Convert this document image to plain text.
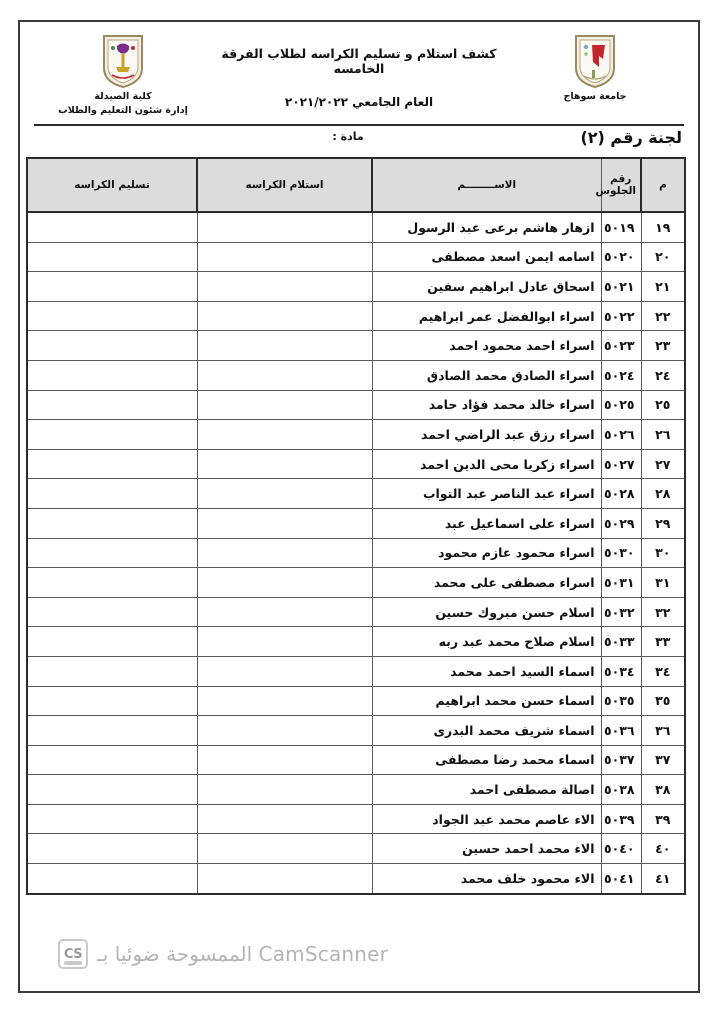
جامعة سوهاج
كشف استلام و تسليم الكراسه لطلاب الفرقة الخامسه
العام الجامعي ٢٠٢١/٢٠٢٢
مادة :
كلية الصيدلة
إدارة شئون التعليم والطلاب
لجنة رقم (٢)
م	رقم الجلوس	الاســــــــم	استلام الكراسه	تسليم الكراسه
١٩	٥٠١٩	ازهار هاشم برعى عبد الرسول		
٢٠	٥٠٢٠	اسامه ايمن اسعد مصطفى		
٢١	٥٠٢١	اسحاق عادل ابراهيم سفين		
٢٢	٥٠٢٢	اسراء ابوالفضل عمر ابراهيم		
٢٣	٥٠٢٣	اسراء احمد محمود احمد		
٢٤	٥٠٢٤	اسراء الصادق محمد الصادق		
٢٥	٥٠٢٥	اسراء خالد محمد فؤاد حامد		
٢٦	٥٠٢٦	اسراء رزق عبد الراضي احمد		
٢٧	٥٠٢٧	اسراء زكريا محى الدين احمد		
٢٨	٥٠٢٨	اسراء عبد الناصر عبد التواب		
٢٩	٥٠٢٩	اسراء على اسماعيل عبد		
٣٠	٥٠٣٠	اسراء محمود عازم محمود		
٣١	٥٠٣١	اسراء مصطفى على محمد		
٣٢	٥٠٣٢	اسلام حسن مبروك حسين		
٣٣	٥٠٣٣	اسلام صلاح محمد عبد ربه		
٣٤	٥٠٣٤	اسماء السيد احمد محمد		
٣٥	٥٠٣٥	اسماء حسن محمد ابراهيم		
٣٦	٥٠٣٦	اسماء شريف محمد البدرى		
٣٧	٥٠٣٧	اسماء محمد رضا مصطفى		
٣٨	٥٠٣٨	اصالة مصطفى احمد		
٣٩	٥٠٣٩	الاء عاصم محمد عبد الجواد		
٤٠	٥٠٤٠	الاء محمد احمد حسين		
٤١	٥٠٤١	الاء محمود خلف محمد		
الممسوحة ضوئيا بـ CamScanner
CS
